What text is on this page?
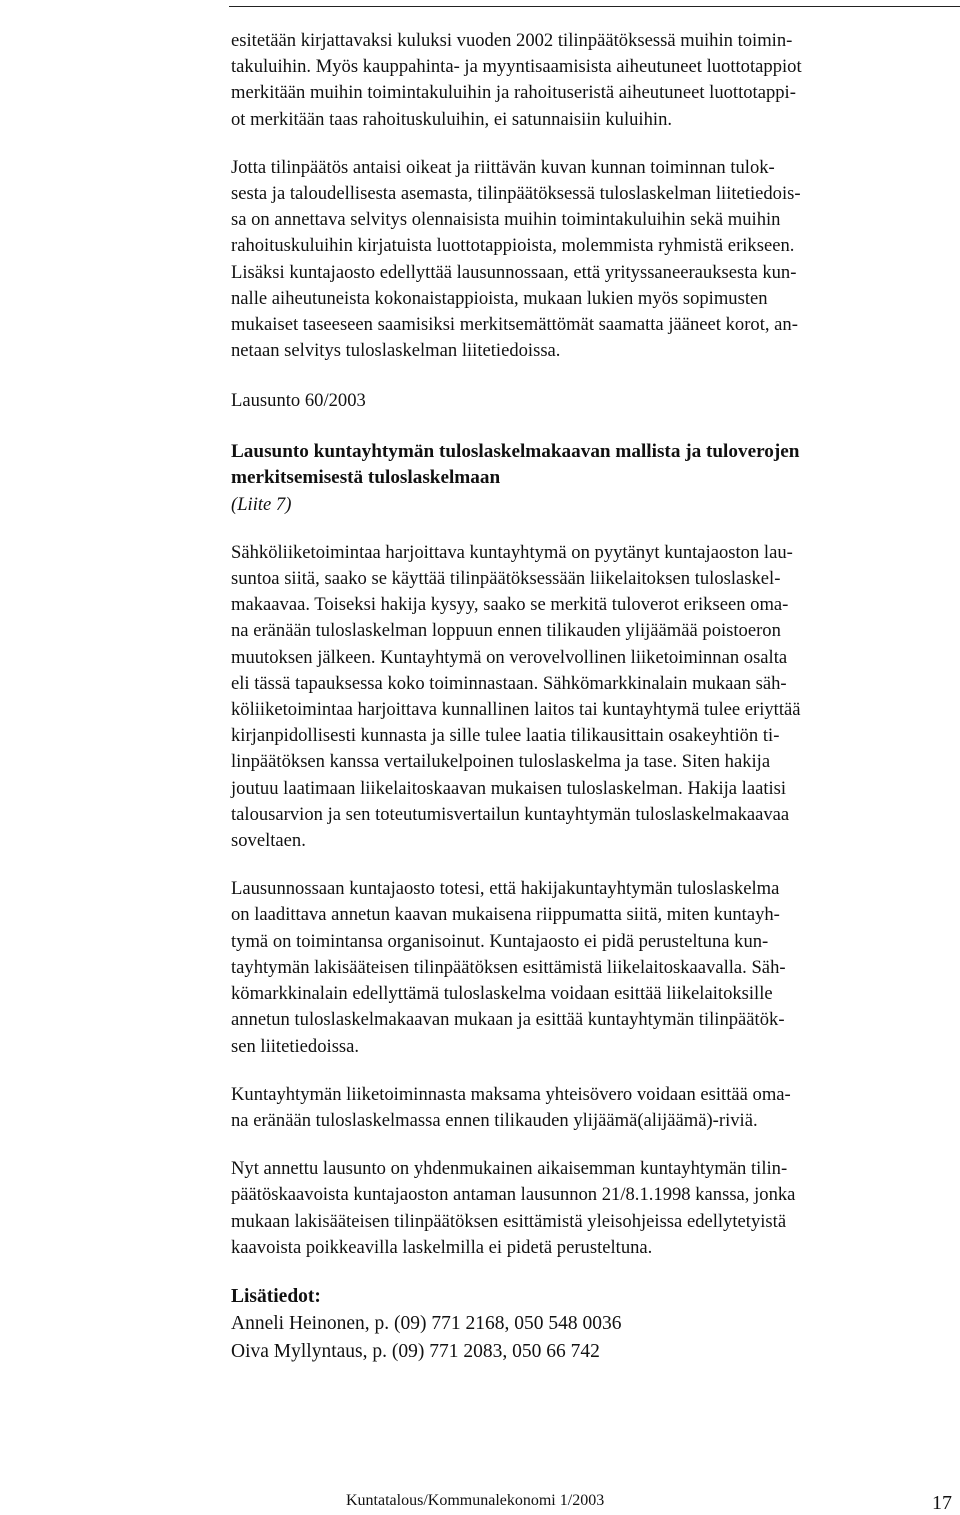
esitetään kirjattavaksi kuluksi vuoden 2002 tilinpäätöksessä muihin toimin-
takuluihin. Myös kauppahinta- ja myyntisaamisista aiheutuneet luottotappiot
merkitään muihin toimintakuluihin ja rahoituseristä aiheutuneet luottotappi-
ot merkitään taas rahoituskuluihin, ei satunnaisiin kuluihin.
Jotta tilinpäätös antaisi oikeat ja riittävän kuvan kunnan toiminnan tulok-
sesta ja taloudellisesta asemasta, tilinpäätöksessä tuloslaskelman liitetiedois-
sa on annettava selvitys olennaisista muihin toimintakuluihin sekä muihin
rahoituskuluihin kirjatuista luottotappioista, molemmista ryhmistä erikseen.
Lisäksi kuntajaosto edellyttää lausunnossaan, että yrityssaneerauksesta kun-
nalle aiheutuneista kokonaistappioista, mukaan lukien myös sopimusten
mukaiset taseeseen saamisiksi merkitsemättömät saamatta jääneet korot, an-
netaan selvitys tuloslaskelman liitetiedoissa.
Lausunto 60/2003
Lausunto kuntayhtymän tuloslaskelmakaavan mallista ja tuloverojen
merkitsemisestä tuloslaskelmaan
(Liite 7)
Sähköliiketoimintaa harjoittava kuntayhtymä on pyytänyt kuntajaoston lau-
suntoa siitä, saako se käyttää tilinpäätöksessään liikelaitoksen tuloslaskel-
makaavaa. Toiseksi hakija kysyy, saako se merkitä tuloverot erikseen oma-
na eränään tuloslaskelman loppuun ennen tilikauden ylijäämää poistoeron
muutoksen jälkeen. Kuntayhtymä on verovelvollinen liiketoiminnan osalta
eli tässä tapauksessa koko toiminnastaan. Sähkömarkkinalain mukaan säh-
köliiketoimintaa harjoittava kunnallinen laitos tai kuntayhtymä tulee eriyttää
kirjanpidollisesti kunnasta ja sille tulee laatia tilikausittain osakeyhtiön ti-
linpäätöksen kanssa vertailukelpoinen tuloslaskelma ja tase. Siten hakija
joutuu laatimaan liikelaitoskaavan mukaisen tuloslaskelman. Hakija laatisi
talousarvion ja sen toteutumisvertailun kuntayhtymän tuloslaskelmakaavaa
soveltaen.
Lausunnossaan kuntajaosto totesi, että hakijakuntayhtymän tuloslaskelma
on laadittava annetun kaavan mukaisena riippumatta siitä, miten kuntayh-
tymä on toimintansa organisoinut. Kuntajaosto ei pidä perusteltuna kun-
tayhtymän lakisääteisen tilinpäätöksen esittämistä liikelaitoskaavalla. Säh-
kömarkkinalain edellyttämä tuloslaskelma voidaan esittää liikelaitoksille
annetun tuloslaskelmakaavan mukaan ja esittää kuntayhtymän tilinpäätök-
sen liitetiedoissa.
Kuntayhtymän liiketoiminnasta maksama yhteisövero voidaan esittää oma-
na eränään tuloslaskelmassa ennen tilikauden ylijäämä(alijäämä)-riviä.
Nyt annettu lausunto on yhdenmukainen aikaisemman kuntayhtymän tilin-
päätöskaavoista kuntajaoston antaman lausunnon 21/8.1.1998 kanssa, jonka
mukaan lakisääteisen tilinpäätöksen esittämistä yleisohjeissa edellytetyistä
kaavoista poikkeavilla laskelmilla ei pidetä perusteltuna.
Lisätiedot:
Anneli Heinonen, p. (09) 771 2168, 050 548 0036
Oiva Myllyntaus, p. (09) 771 2083, 050 66 742
Kuntatalous/Kommunalekonomi 1/2003	17
